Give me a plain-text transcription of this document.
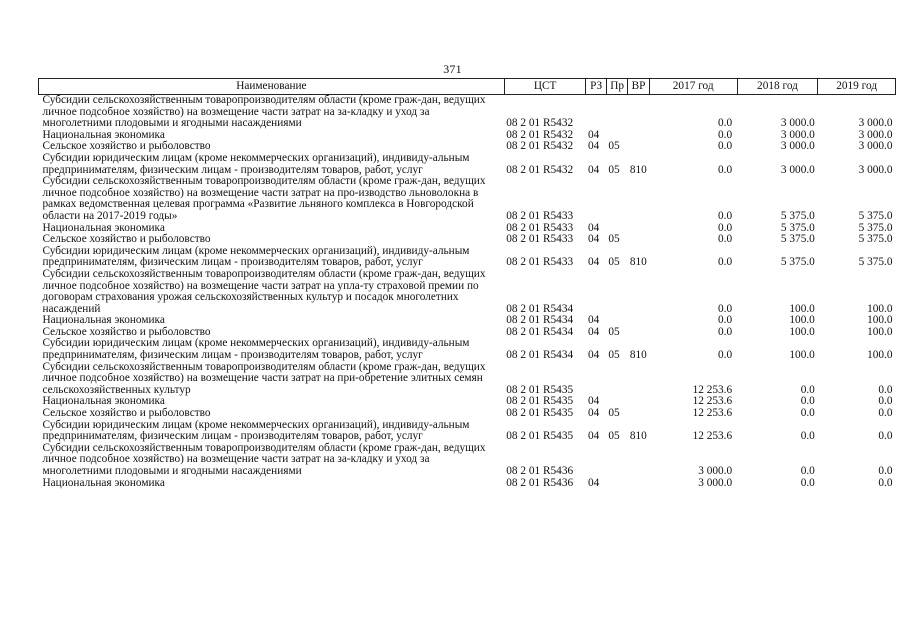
371
Наименование	ЦСТ	РЗ	Пр	ВР	2017 год	2018 год	2019 год
Субсидии сельскохозяйственным товаропроизводителям области (кроме граж-дан, ведущих личное подсобное хозяйство) на возмещение части затрат на за-кладку и уход за многолетними плодовыми и ягодными насаждениями	08 2 01 R5432				0.0	3 000.0	3 000.0
Национальная экономика	08 2 01 R5432	04			0.0	3 000.0	3 000.0
Сельское хозяйство и рыболовство	08 2 01 R5432	04	05		0.0	3 000.0	3 000.0
Субсидии юридическим лицам (кроме некоммерческих организаций), индивиду-альным предпринимателям, физическим лицам - производителям товаров, работ, услуг	08 2 01 R5432	04	05	810	0.0	3 000.0	3 000.0
Субсидии сельскохозяйственным товаропроизводителям области (кроме граж-дан, ведущих личное подсобное хозяйство) на возмещение части затрат на про-изводство льноволокна в рамках ведомственная целевая программа «Развитие льняного комплекса в Новгородской области на 2017-2019 годы»	08 2 01 R5433				0.0	5 375.0	5 375.0
Национальная экономика	08 2 01 R5433	04			0.0	5 375.0	5 375.0
Сельское хозяйство и рыболовство	08 2 01 R5433	04	05		0.0	5 375.0	5 375.0
Субсидии юридическим лицам (кроме некоммерческих организаций), индивиду-альным предпринимателям, физическим лицам - производителям товаров, работ, услуг	08 2 01 R5433	04	05	810	0.0	5 375.0	5 375.0
Субсидии сельскохозяйственным товаропроизводителям области (кроме граж-дан, ведущих личное подсобное хозяйство) на возмещение части затрат на упла-ту страховой премии по договорам страхования урожая сельскохозяйственных культур и посадок многолетних насаждений	08 2 01 R5434				0.0	100.0	100.0
Национальная экономика	08 2 01 R5434	04			0.0	100.0	100.0
Сельское хозяйство и рыболовство	08 2 01 R5434	04	05		0.0	100.0	100.0
Субсидии юридическим лицам (кроме некоммерческих организаций), индивиду-альным предпринимателям, физическим лицам - производителям товаров, работ, услуг	08 2 01 R5434	04	05	810	0.0	100.0	100.0
Субсидии сельскохозяйственным товаропроизводителям области (кроме граж-дан, ведущих личное подсобное хозяйство) на возмещение части затрат на при-обретение элитных семян сельскохозяйственных культур	08 2 01 R5435				12 253.6	0.0	0.0
Национальная экономика	08 2 01 R5435	04			12 253.6	0.0	0.0
Сельское хозяйство и рыболовство	08 2 01 R5435	04	05		12 253.6	0.0	0.0
Субсидии юридическим лицам (кроме некоммерческих организаций), индивиду-альным предпринимателям, физическим лицам - производителям товаров, работ, услуг	08 2 01 R5435	04	05	810	12 253.6	0.0	0.0
Субсидии сельскохозяйственным товаропроизводителям области (кроме граж-дан, ведущих личное подсобное хозяйство) на возмещение части затрат на за-кладку и уход за многолетними плодовыми и ягодными насаждениями	08 2 01 R5436				3 000.0	0.0	0.0
Национальная экономика	08 2 01 R5436	04			3 000.0	0.0	0.0
